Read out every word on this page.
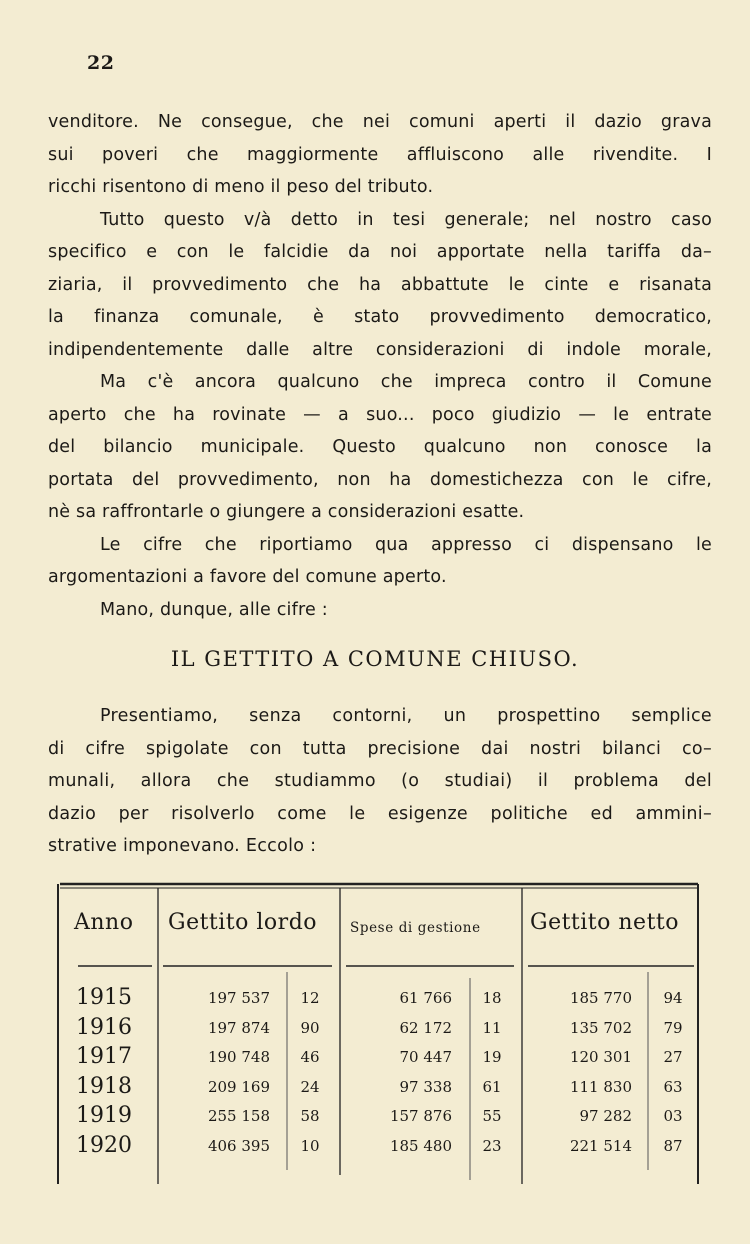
22
venditore. Ne consegue, che nei comuni aperti il dazio grava
sui poveri che maggiormente affluiscono alle rivendite. I
ricchi risentono di meno il peso del tributo.
Tutto questo v/à detto in tesi generale; nel nostro caso
specifico e con le falcidie da noi apportate nella tariffa da–
ziaria, il provvedimento che ha abbattute le cinte e risanata
la finanza comunale, è stato provvedimento democratico,
indipendentemente dalle altre considerazioni di indole morale,
Ma c'è ancora qualcuno che impreca contro il Comune
aperto che ha rovinate — a suo... poco giudizio — le entrate
del bilancio municipale. Questo qualcuno non conosce la
portata del provvedimento, non ha domestichezza con le cifre,
nè sa raffrontarle o giungere a considerazioni esatte.
Le cifre che riportiamo qua appresso ci dispensano le
argomentazioni a favore del comune aperto.
Mano, dunque, alle cifre :
IL GETTITO A COMUNE CHIUSO.
Presentiamo, senza contorni, un prospettino semplice
di cifre spigolate con tutta precisione dai nostri bilanci co–
munali, allora che studiammo (o studiai) il problema del
dazio per risolverlo come le esigenze politiche ed ammini–
strative imponevano. Eccolo :
Anno Gettito lordo Spese di gestione Gettito netto
1915	197 537	12	61 766	18	185 770	94
1916	197 874	90	62 172	11	135 702	79
1917	190 748	46	70 447	19	120 301	27
1918	209 169	24	97 338	61	111 830	63
1919	255 158	58	157 876	55	97 282	03
1920	406 395	10	185 480	23	221 514	87
